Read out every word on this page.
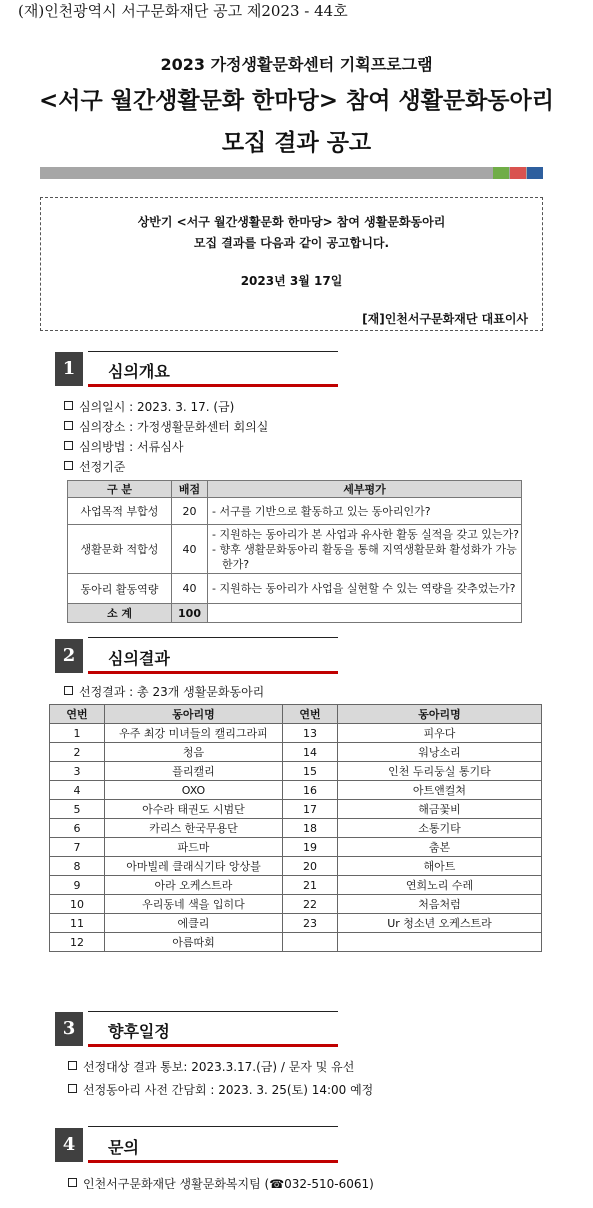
(재)인천광역시 서구문화재단 공고 제2023 - 44호
2023 가정생활문화센터 기획프로그램
<서구 월간생활문화 한마당> 참여 생활문화동아리
모집 결과 공고
상반기 <서구 월간생활문화 한마당> 참여 생활문화동아리
모집 결과를 다음과 같이 공고합니다.
2023년 3월 17일
[재]인천서구문화재단 대표이사
1	심의개요
심의일시 : 2023. 3. 17. (금)
심의장소 : 가정생활문화센터 회의실
심의방법 : 서류심사
선정기준
구 분	배점	세부평가
사업목적 부합성	20	- 서구를 기반으로 활동하고 있는 동아리인가?

생활문화 적합성	40	- 지원하는 동아리가 본 사업과 유사한 활동 실적을 갖고 있는가?
- 향후 생활문화동아리 활동을 통해 지역생활문화 활성화가 가능
한가?

동아리 활동역량	40	- 지원하는 동아리가 사업을 실현할 수 있는 역량을 갖추었는가?

소 계	100	
2	심의결과
선정결과 : 총 23개 생활문화동아리
연번	동아리명	연번	동아리명
1	우주 최강 미녀들의 캘리그라피	13	피우다
2	청음	14	워낭소리
3	플리캘리	15	인천 두리둥실 통기타
4	OXO	16	아트앤컬쳐
5	아수라 태권도 시범단	17	해금꽃비
6	카리스 한국무용단	18	소통기타
7	파드마	19	춤본
8	아마빌레 클래식기타 앙상블	20	해아트
9	아라 오케스트라	21	연희노리 수레
10	우리동네 색을 입히다	22	처음처럼
11	에클리	23	Ur 청소년 오케스트라
12	아름따회		
3	향후일정
선정대상 결과 통보: 2023.3.17.(금) / 문자 및 유선
선정동아리 사전 간담회 : 2023. 3. 25(토) 14:00 예정
4	문의
인천서구문화재단 생활문화복지팀 (☎032-510-6061)
